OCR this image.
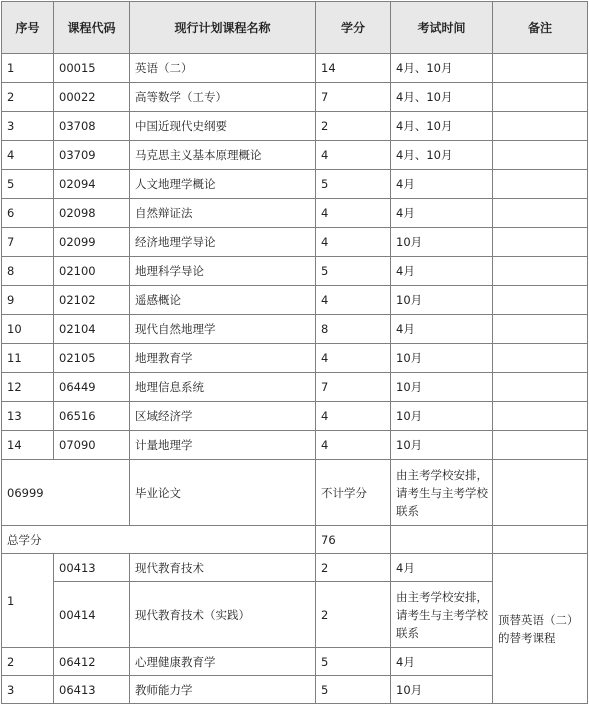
序号	课程代码	现行计划课程名称	学分	考试时间	备注
1	00015	英语（二）	14	4月、10月	
2	00022	高等数学（工专）	7	4月、10月	
3	03708	中国近现代史纲要	2	4月、10月	
4	03709	马克思主义基本原理概论	4	4月、10月	
5	02094	人文地理学概论	5	4月	
6	02098	自然辩证法	4	4月	
7	02099	经济地理学导论	4	10月	
8	02100	地理科学导论	5	4月	
9	02102	遥感概论	4	10月	
10	02104	现代自然地理学	8	4月	
11	02105	地理教育学	4	10月	
12	06449	地理信息系统	7	10月	
13	06516	区域经济学	4	10月	
14	07090	计量地理学	4	10月	
06999		毕业论文	不计学分	由主考学校安排，请考生与主考学校联系	
总学分			76		
1	00413	现代教育技术	2	4月	顶替英语（二）的替考课程
	00414	现代教育技术（实践）	2	由主考学校安排，请考生与主考学校联系	
2	06412	心理健康教育学	5	4月	
3	06413	教师能力学	5	10月	
